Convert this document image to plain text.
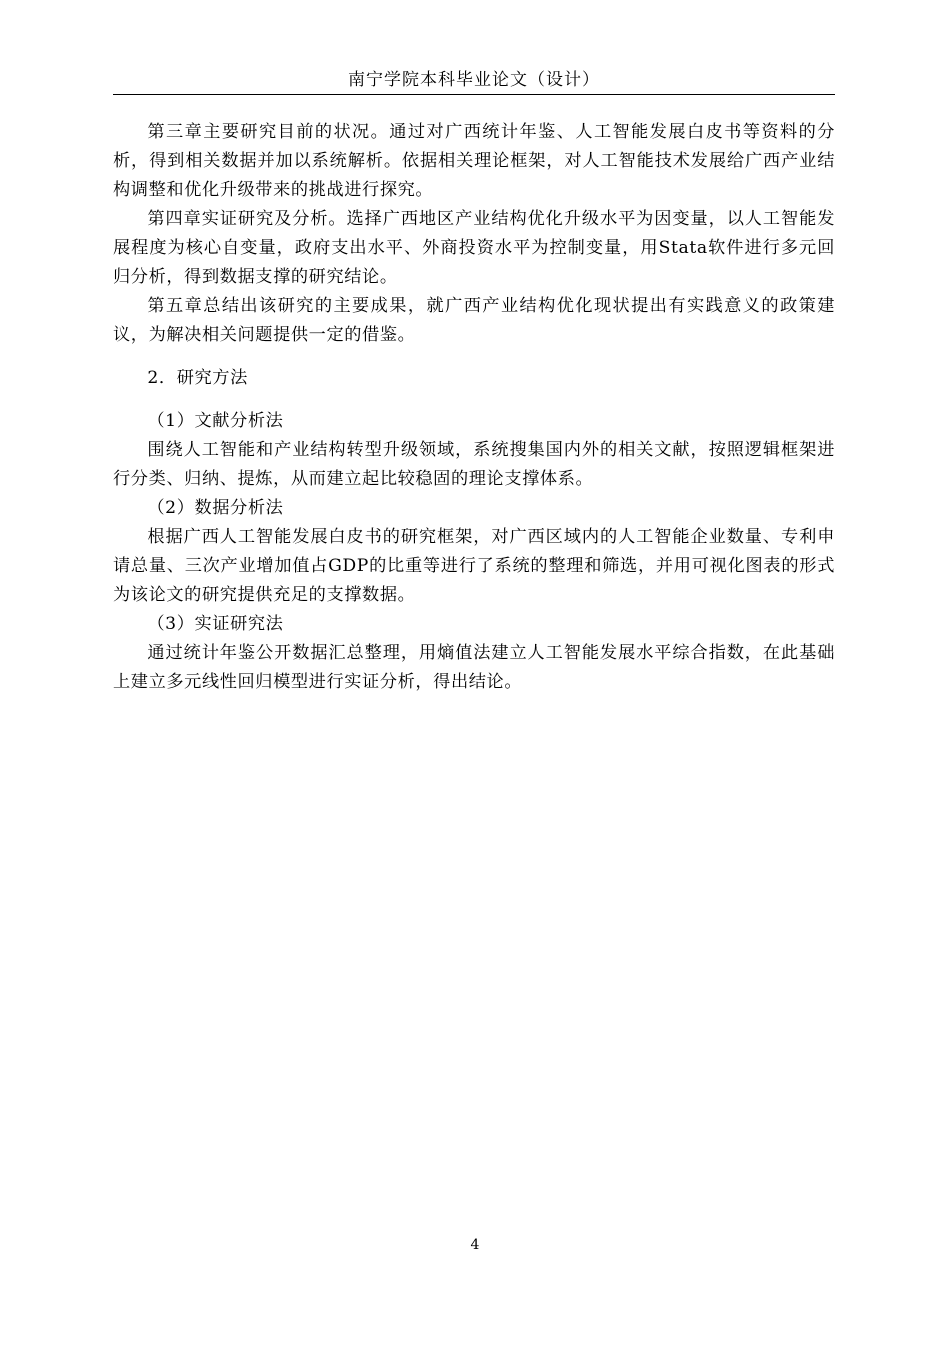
南宁学院本科毕业论文（设计）

第三章主要研究目前的状况。通过对广西统计年鉴、人工智能发展白皮书等资料的分析，得到相关数据并加以系统解析。依据相关理论框架，对人工智能技术发展给广西产业结构调整和优化升级带来的挑战进行探究。

第四章实证研究及分析。选择广西地区产业结构优化升级水平为因变量，以人工智能发展程度为核心自变量，政府支出水平、外商投资水平为控制变量，用Stata软件进行多元回归分析，得到数据支撑的研究结论。

第五章总结出该研究的主要成果，就广西产业结构优化现状提出有实践意义的政策建议，为解决相关问题提供一定的借鉴。

2．研究方法

（1）文献分析法

围绕人工智能和产业结构转型升级领域，系统搜集国内外的相关文献，按照逻辑框架进行分类、归纳、提炼，从而建立起比较稳固的理论支撑体系。

（2）数据分析法

根据广西人工智能发展白皮书的研究框架，对广西区域内的人工智能企业数量、专利申请总量、三次产业增加值占GDP的比重等进行了系统的整理和筛选，并用可视化图表的形式为该论文的研究提供充足的支撑数据。

（3）实证研究法

通过统计年鉴公开数据汇总整理，用熵值法建立人工智能发展水平综合指数，在此基础上建立多元线性回归模型进行实证分析，得出结论。

4
